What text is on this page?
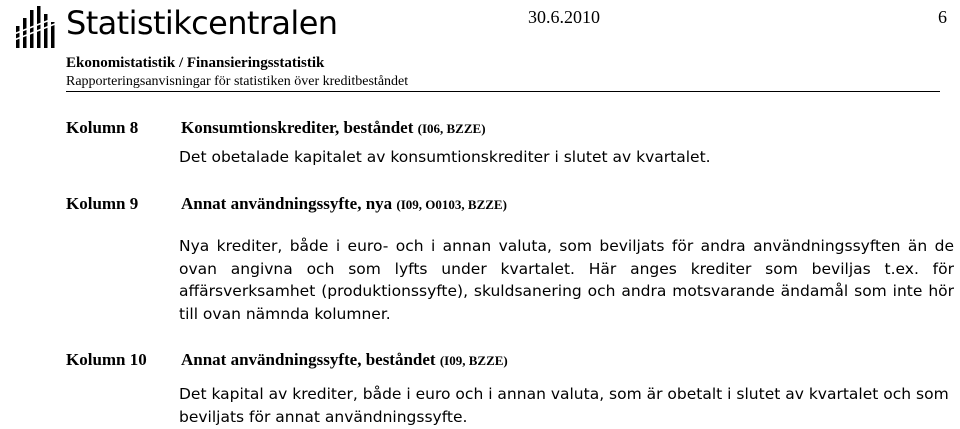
Statistikcentralen	30.6.2010	6
Ekonomistatistik / Finansieringsstatistik
Rapporteringsanvisningar för statistiken över kreditbeståndet
Kolumn 8	Konsumtionskrediter, beståndet (I06, BZZE)
Det obetalade kapitalet av konsumtionskrediter i slutet av kvartalet.
Kolumn 9	Annat användningssyfte, nya (I09, O0103, BZZE)
Nya krediter, både i euro- och i annan valuta, som beviljats för andra användningssyften än de ovan angivna och som lyfts under kvartalet. Här anges krediter som beviljas t.ex. för affärsverksamhet (produktionssyfte), skuldsanering och andra motsvarande ändamål som inte hör till ovan nämnda kolumner.
Kolumn 10 Annat användningssyfte, beståndet (I09, BZZE)
Det kapital av krediter, både i euro och i annan valuta, som är obetalt i slutet av kvartalet och som beviljats för annat användningssyfte.
